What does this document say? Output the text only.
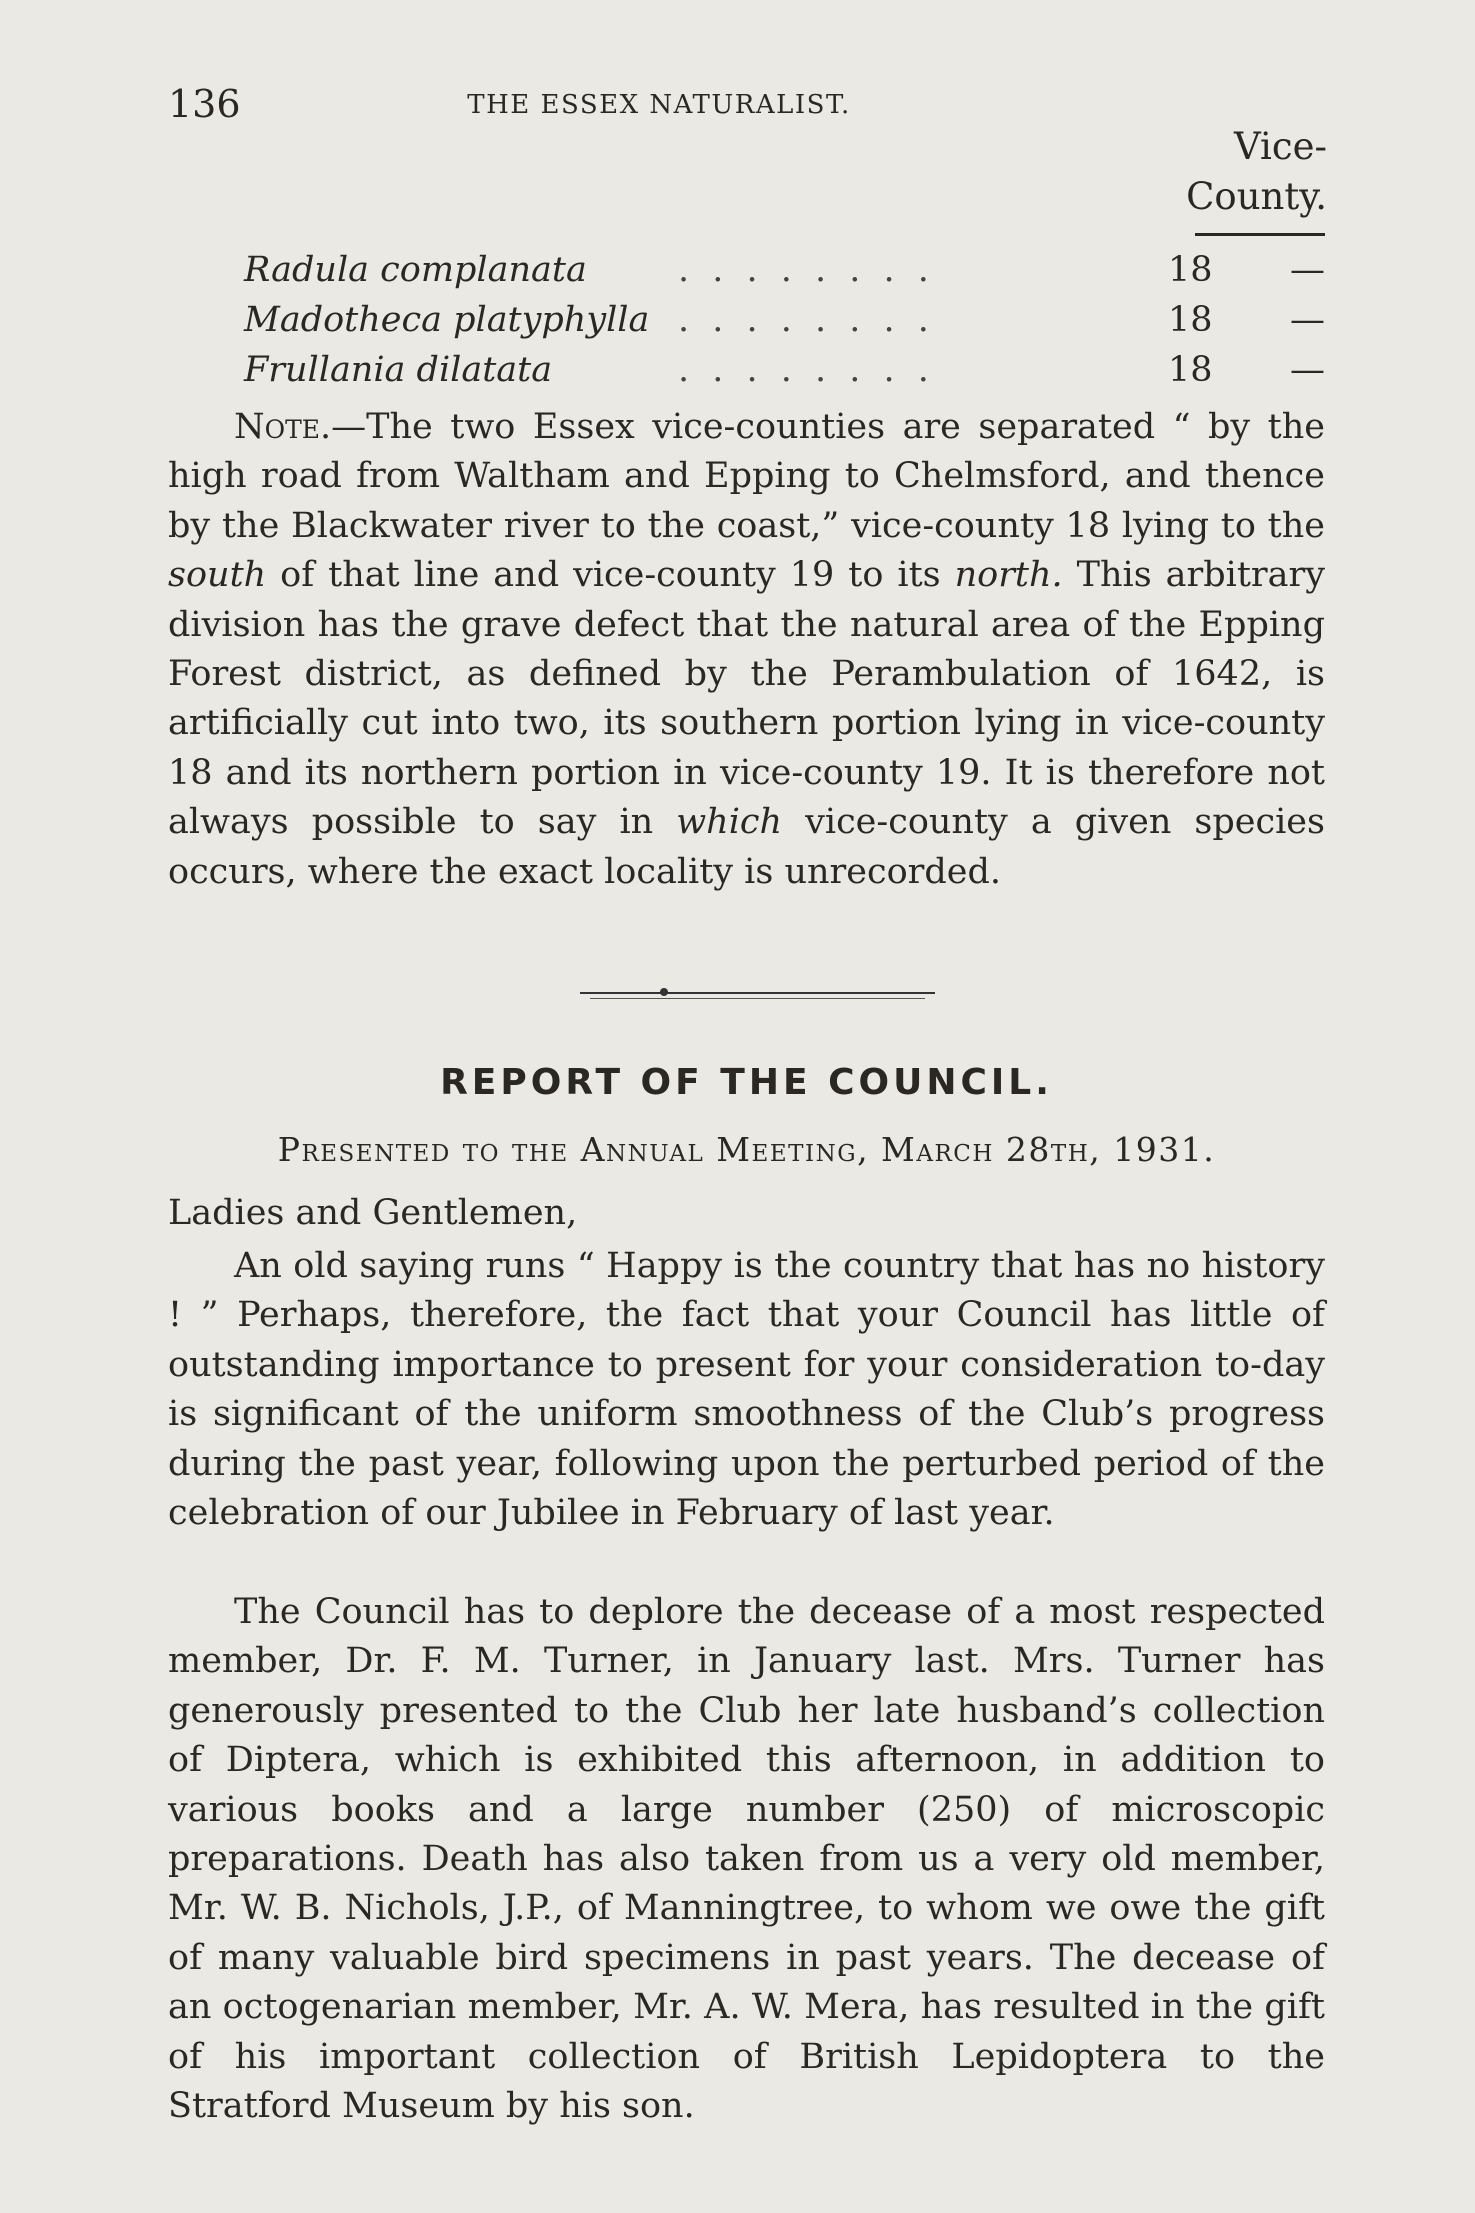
136	THE ESSEX NATURALIST.
Vice-
County.
Radula complanata	. . . . . . . .	18 —
Madotheca platyphylla . . . . . . . .	18 —
Frullania dilatata	. . . . . . . .	18 —

Note.—The two Essex vice-counties are separated “ by the high road from Waltham and Epping to Chelmsford, and thence by the Blackwater river to the coast,” vice-county 18 lying to the south of that line and vice-county 19 to its north. This arbitrary division has the grave defect that the natural area of the Epping Forest district, as defined by the Perambulation of 1642, is artificially cut into two, its southern portion lying in vice-county 18 and its northern portion in vice-county 19. It is therefore not always possible to say in which vice-county a given species occurs, where the exact locality is unrecorded.

REPORT OF THE COUNCIL.
Presented to the Annual Meeting, March 28th, 1931.
Ladies and Gentlemen,

An old saying runs “ Happy is the country that has no history ! ” Perhaps, therefore, the fact that your Council has little of outstanding importance to present for your consideration to-day is significant of the uniform smoothness of the Club’s progress during the past year, following upon the perturbed period of the celebration of our Jubilee in February of last year.

The Council has to deplore the decease of a most respected member, Dr. F. M. Turner, in January last. Mrs. Turner has generously presented to the Club her late husband’s collection of Diptera, which is exhibited this afternoon, in addition to various books and a large number (250) of microscopic preparations. Death has also taken from us a very old member, Mr. W. B. Nichols, J.P., of Manningtree, to whom we owe the gift of many valuable bird specimens in past years. The decease of an octogenarian member, Mr. A. W. Mera, has resulted in the gift of his important collection of British Lepidoptera to the Stratford Museum by his son.
